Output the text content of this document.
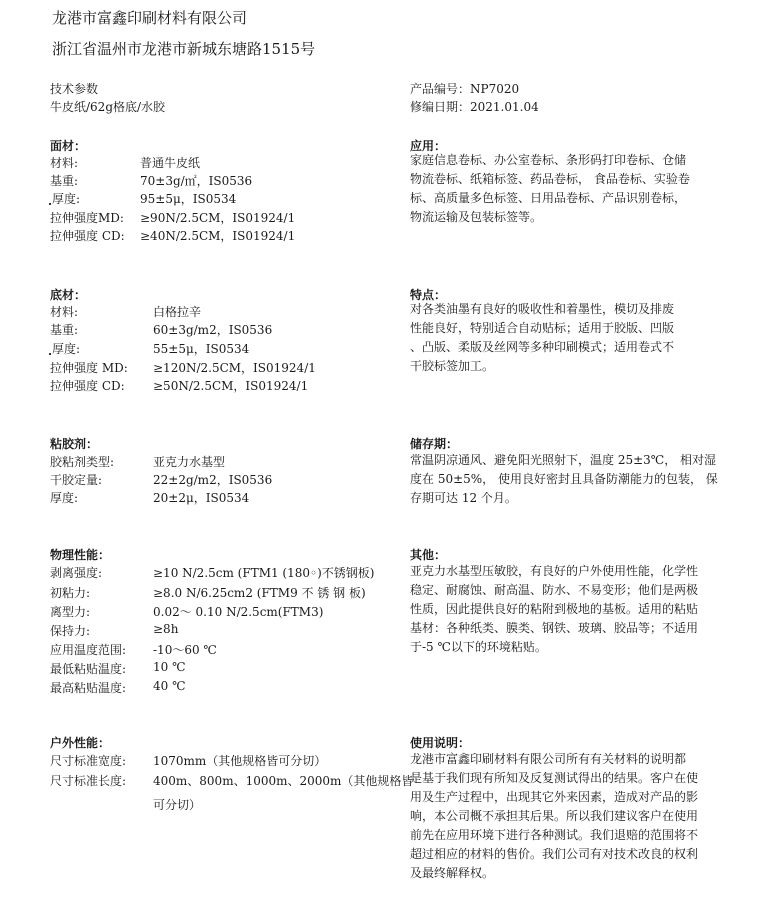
龙港市富鑫印刷材料有限公司
浙江省温州市龙港市新城东塘路1515号
技术参数
牛皮纸/62g格底/水胶
产品编号：NP7020
修编日期：2021.01.04
面材：
材料:	普通牛皮纸
基重:	70±3g/㎡，IS0536
厚度:	95±5μ，IS0534
拉伸强度MD: ≥90N/2.5CM，IS01924/1
拉伸强度 CD: ≥40N/2.5CM，IS01924/1
应用：
家庭信息卷标、办公室卷标、条形码打印卷标、仓储
物流卷标、纸箱标签、药品卷标， 食品卷标、实验卷
标、高质量多色标签、日用品卷标、产品识别卷标，
物流运输及包装标签等。
底材：
材料:	白格拉辛
基重:	60±3g/m2，IS0536
厚度:	55±5μ，IS0534
拉伸强度 MD: ≥120N/2.5CM，IS01924/1
拉伸强度 CD: ≥50N/2.5CM，IS01924/1
特点：
对各类油墨有良好的吸收性和着墨性，模切及排废
性能良好，特别适合自动贴标；适用于胶版、凹版
、凸版、柔版及丝网等多种印刷模式；适用卷式不
干胶标签加工。
粘胶剂：
胶粘剂类型:	亚克力水基型
干胶定量:	22±2g/m2，IS0536
厚度:	20±2μ，IS0534
储存期：
常温阴凉通风、避免阳光照射下，温度 25±3℃， 相对湿
度在 50±5%， 使用良好密封且具备防潮能力的包装， 保
存期可达 12 个月。
物理性能：
剥离强度:	≥10 N/2.5cm (FTM1 (180◦)不锈钢板)
初粘力:	≥8.0 N/6.25cm2 (FTM9 不 锈 钢 板)
离型力:	0.02～ 0.10 N/2.5cm(FTM3)
保持力:	≥8h
应用温度范围: -10～60 ℃
最低粘贴温度: 10 ℃
最高粘贴温度: 40 ℃
其他：
亚克力水基型压敏胶，有良好的户外使用性能，化学性
稳定、耐腐蚀、耐高温、防水、不易变形；他们是两极
性质，因此提供良好的粘附到极地的基板。适用的粘贴
基材：各种纸类、膜类、钢铁、玻璃、胶品等；不适用
于-5 ℃以下的环境粘贴。
户外性能：
尺寸标准宽度: 1070mm（其他规格皆可分切）
尺寸标准长度: 400m、800m、1000m、2000m（其他规格皆
可分切）
使用说明：
龙港市富鑫印刷材料有限公司所有有关材料的说明都
是基于我们现有所知及反复测试得出的结果。客户在使
用及生产过程中，出现其它外来因素，造成对产品的影
响，本公司概不承担其后果。所以我们建议客户在使用
前先在应用环境下进行各种测试。我们退赔的范围将不
超过相应的材料的售价。我们公司有对技术改良的权利
及最终解释权。
